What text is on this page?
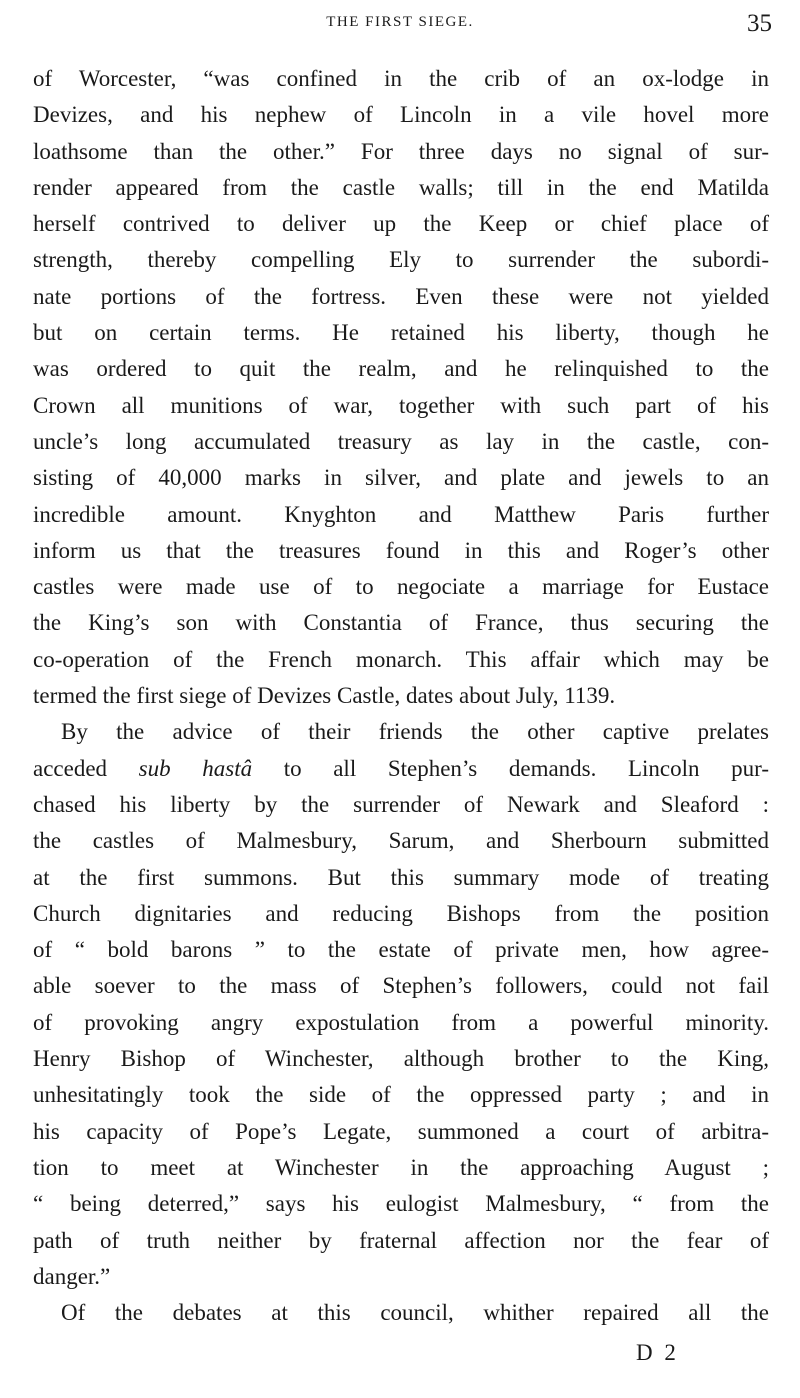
THE FIRST SIEGE.	35
of Worcester, “was confined in the crib of an ox-lodge in
Devizes, and his nephew of Lincoln in a vile hovel more
loathsome than the other.” For three days no signal of sur-
render appeared from the castle walls; till in the end Matilda
herself contrived to deliver up the Keep or chief place of
strength, thereby compelling Ely to surrender the subordi-
nate portions of the fortress. Even these were not yielded
but on certain terms. He retained his liberty, though he
was ordered to quit the realm, and he relinquished to the
Crown all munitions of war, together with such part of his
uncle’s long accumulated treasury as lay in the castle, con-
sisting of 40,000 marks in silver, and plate and jewels to an
incredible amount. Knyghton and Matthew Paris further
inform us that the treasures found in this and Roger’s other
castles were made use of to negociate a marriage for Eustace
the King’s son with Constantia of France, thus securing the
co-operation of the French monarch. This affair which may be
termed the first siege of Devizes Castle, dates about July, 1139.
By the advice of their friends the other captive prelates
acceded sub hastâ to all Stephen’s demands. Lincoln pur-
chased his liberty by the surrender of Newark and Sleaford :
the castles of Malmesbury, Sarum, and Sherbourn submitted
at the first summons. But this summary mode of treating
Church dignitaries and reducing Bishops from the position
of “ bold barons ” to the estate of private men, how agree-
able soever to the mass of Stephen’s followers, could not fail
of provoking angry expostulation from a powerful minority.
Henry Bishop of Winchester, although brother to the King,
unhesitatingly took the side of the oppressed party ; and in
his capacity of Pope’s Legate, summoned a court of arbitra-
tion to meet at Winchester in the approaching August ;
“ being deterred,” says his eulogist Malmesbury, “ from the
path of truth neither by fraternal affection nor the fear of
danger.”
Of the debates at this council, whither repaired all the
D 2
